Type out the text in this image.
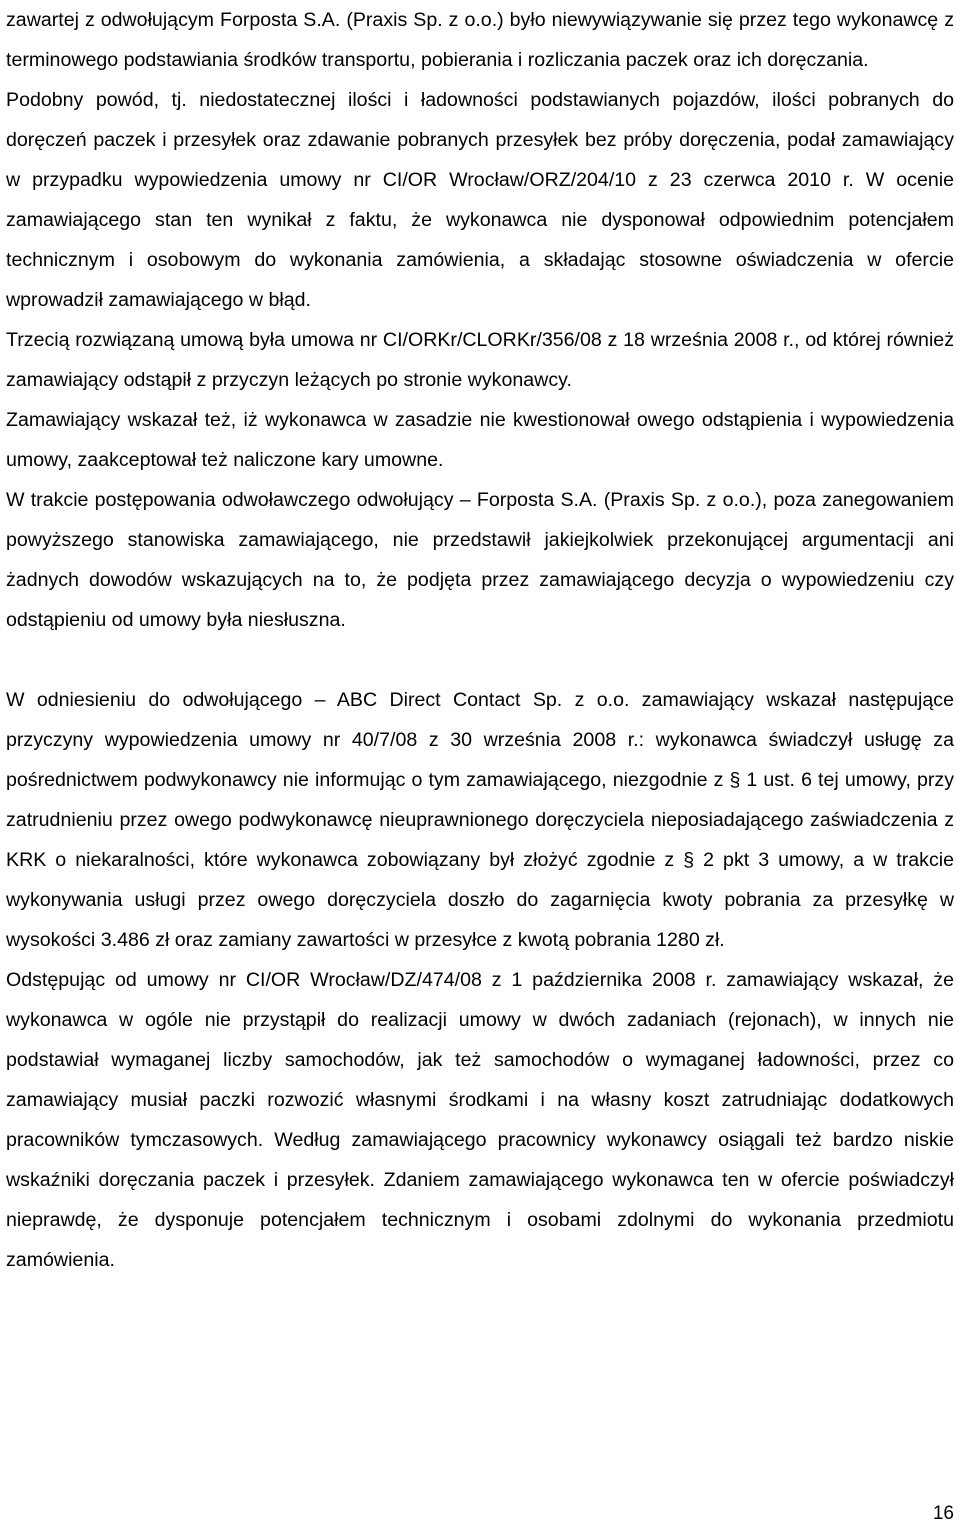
zawartej z odwołującym Forposta S.A. (Praxis Sp. z o.o.) było niewywiązywanie się przez tego wykonawcę z terminowego podstawiania środków transportu, pobierania i rozliczania paczek oraz ich doręczania.

Podobny powód, tj. niedostatecznej ilości i ładowności podstawianych pojazdów, ilości pobranych do doręczeń paczek i przesyłek oraz zdawanie pobranych przesyłek bez próby doręczenia, podał zamawiający w przypadku wypowiedzenia umowy nr CI/OR Wrocław/ORZ/204/10 z 23 czerwca 2010 r. W ocenie zamawiającego stan ten wynikał z faktu, że wykonawca nie dysponował odpowiednim potencjałem technicznym i osobowym do wykonania zamówienia, a składając stosowne oświadczenia w ofercie wprowadził zamawiającego w błąd.

Trzecią rozwiązaną umową była umowa nr CI/ORKr/CLORKr/356/08 z 18 września 2008 r., od której również zamawiający odstąpił z przyczyn leżących po stronie wykonawcy.

Zamawiający wskazał też, iż wykonawca w zasadzie nie kwestionował owego odstąpienia i wypowiedzenia umowy, zaakceptował też naliczone kary umowne.

W trakcie postępowania odwoławczego odwołujący – Forposta S.A. (Praxis Sp. z o.o.), poza zanegowaniem powyższego stanowiska zamawiającego, nie przedstawił jakiejkolwiek przekonującej argumentacji ani żadnych dowodów wskazujących na to, że podjęta przez zamawiającego decyzja o wypowiedzeniu czy odstąpieniu od umowy była niesłuszna.

W odniesieniu do odwołującego – ABC Direct Contact Sp. z o.o. zamawiający wskazał następujące przyczyny wypowiedzenia umowy nr 40/7/08 z 30 września 2008 r.: wykonawca świadczył usługę za pośrednictwem podwykonawcy nie informując o tym zamawiającego, niezgodnie z § 1 ust. 6 tej umowy, przy zatrudnieniu przez owego podwykonawcę nieuprawnionego doręczyciela nieposiadającego zaświadczenia z KRK o niekaralności, które wykonawca zobowiązany był złożyć zgodnie z § 2 pkt 3 umowy, a w trakcie wykonywania usługi przez owego doręczyciela doszło do zagarnięcia kwoty pobrania za przesyłkę w wysokości 3.486 zł oraz zamiany zawartości w przesyłce z kwotą pobrania 1280 zł.

Odstępując od umowy nr CI/OR Wrocław/DZ/474/08 z 1 października 2008 r. zamawiający wskazał, że wykonawca w ogóle nie przystąpił do realizacji umowy w dwóch zadaniach (rejonach), w innych nie podstawiał wymaganej liczby samochodów, jak też samochodów o wymaganej ładowności, przez co zamawiający musiał paczki rozwozić własnymi środkami i na własny koszt zatrudniając dodatkowych pracowników tymczasowych. Według zamawiającego pracownicy wykonawcy osiągali też bardzo niskie wskaźniki doręczania paczek i przesyłek. Zdaniem zamawiającego wykonawca ten w ofercie poświadczył nieprawdę, że dysponuje potencjałem technicznym i osobami zdolnymi do wykonania przedmiotu zamówienia.

16
